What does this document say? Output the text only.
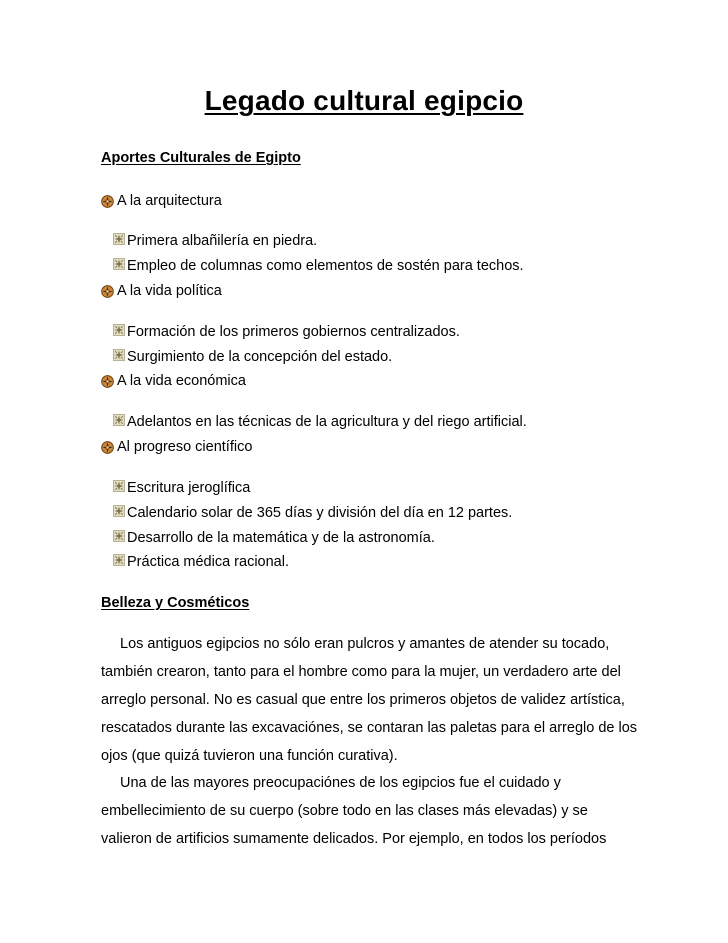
Legado cultural egipcio
Aportes Culturales de Egipto
A la arquitectura
Primera albañilería en piedra.
Empleo de columnas como elementos de sostén para techos.
A la vida política
Formación de los primeros gobiernos centralizados.
Surgimiento de la concepción del estado.
A la vida económica
Adelantos en las técnicas de la agricultura y del riego artificial.
Al progreso científico
Escritura jeroglífica
Calendario solar de 365 días y división del día en 12 partes.
Desarrollo de la matemática y de la astronomía.
Práctica médica racional.
Belleza y Cosméticos

Los antiguos egipcios no sólo eran pulcros y amantes de atender su tocado, también crearon, tanto para el hombre como para la mujer, un verdadero arte del arreglo personal. No es casual que entre los primeros objetos de validez artística, rescatados durante las excavaciónes, se contaran las paletas para el arreglo de los ojos (que quizá tuvieron una función curativa).

Una de las mayores preocupaciónes de los egipcios fue el cuidado y embellecimiento de su cuerpo (sobre todo en las clases más elevadas) y se valieron de artificios sumamente delicados. Por ejemplo, en todos los períodos
